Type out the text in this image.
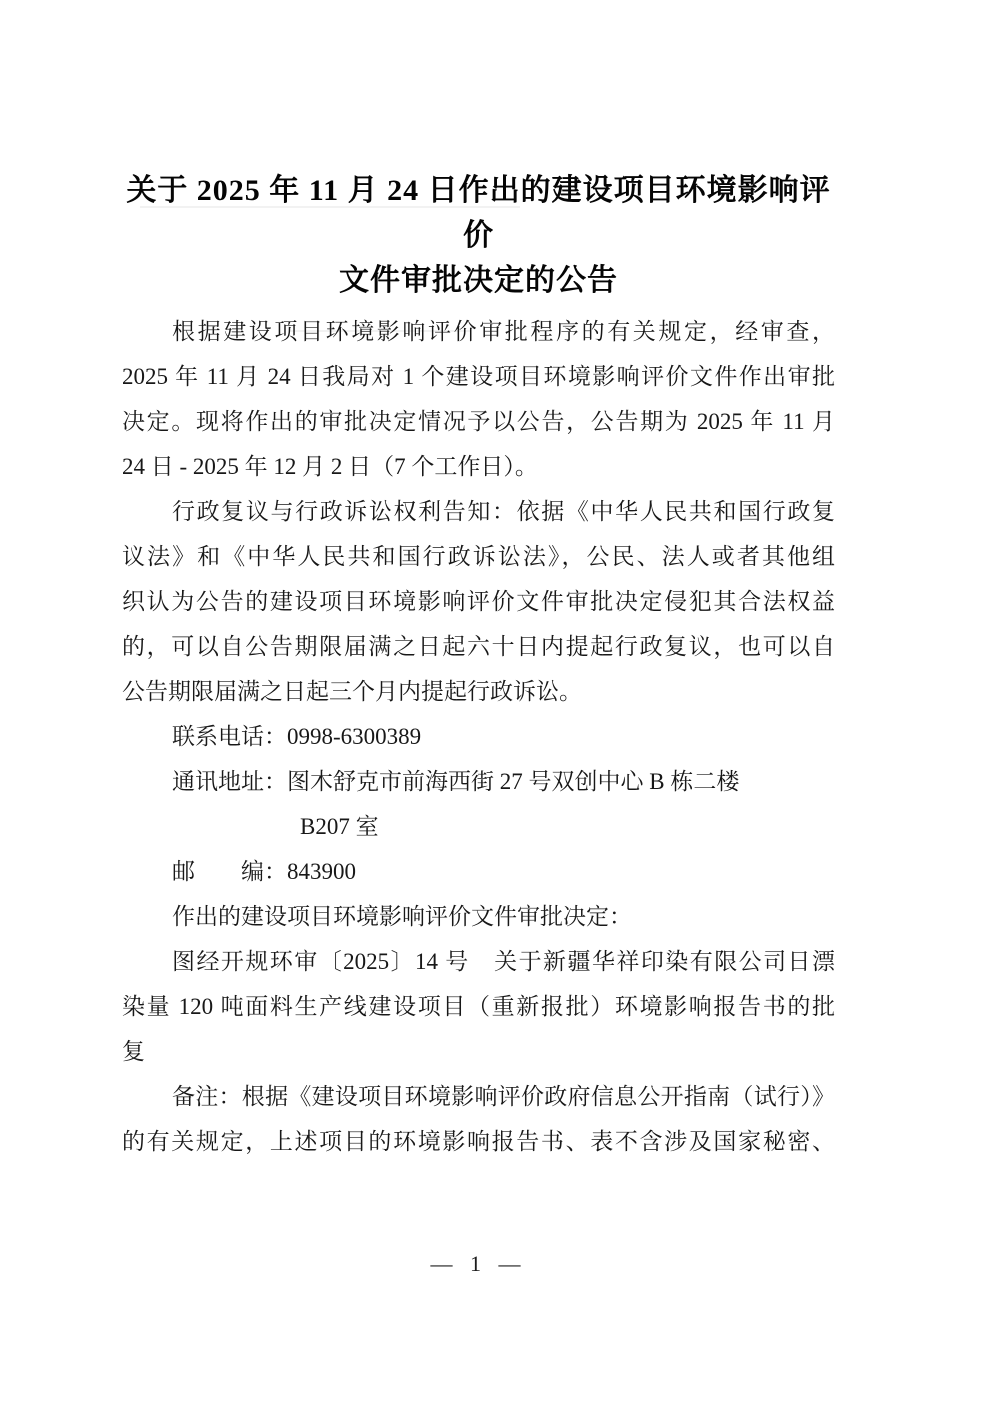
关于 2025 年 11 月 24 日作出的建设项目环境影响评价
文件审批决定的公告
根据建设项目环境影响评价审批程序的有关规定，经审查，
2025 年 11 月 24 日我局对 1 个建设项目环境影响评价文件作出审批
决定。现将作出的审批决定情况予以公告，公告期为 2025 年 11 月
24 日 - 2025 年 12 月 2 日（7 个工作日）。
行政复议与行政诉讼权利告知：依据《中华人民共和国行政复
议法》和《中华人民共和国行政诉讼法》，公民、法人或者其他组
织认为公告的建设项目环境影响评价文件审批决定侵犯其合法权益
的，可以自公告期限届满之日起六十日内提起行政复议，也可以自
公告期限届满之日起三个月内提起行政诉讼。
联系电话：0998-6300389
通讯地址：图木舒克市前海西街 27 号双创中心 B 栋二楼
B207 室
邮　　编：843900
作出的建设项目环境影响评价文件审批决定：
图经开规环审〔2025〕14 号　关于新疆华祥印染有限公司日漂
染量 120 吨面料生产线建设项目（重新报批）环境影响报告书的批
复
备注：根据《建设项目环境影响评价政府信息公开指南（试行）》
的有关规定，上述项目的环境影响报告书、表不含涉及国家秘密、
— 1 —
